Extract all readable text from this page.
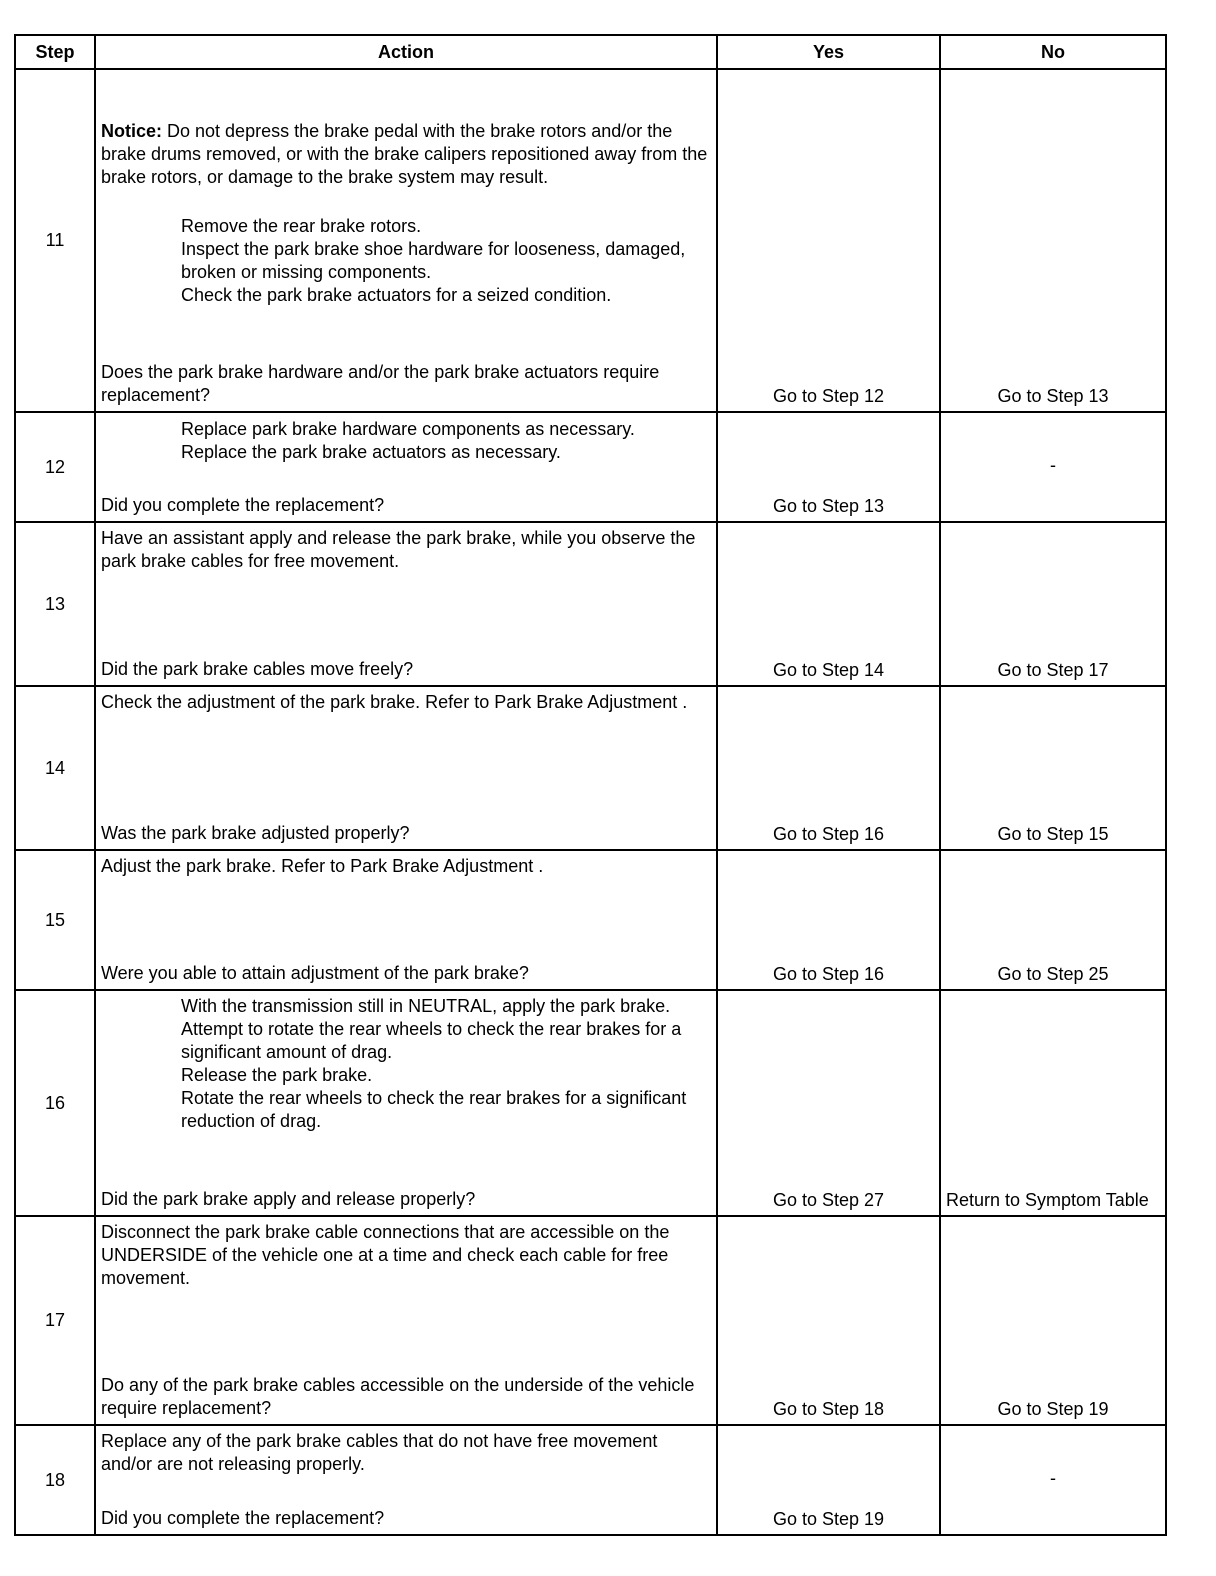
Step	Action	Yes	No
11	Notice: Do not depress the brake pedal with the brake rotors and/or the brake drums removed, or with the brake calipers repositioned away from the brake rotors, or damage to the brake system may result.
Remove the rear brake rotors.
Inspect the park brake shoe hardware for looseness, damaged, broken or missing components.
Check the park brake actuators for a seized condition.
Does the park brake hardware and/or the park brake actuators require replacement?	Go to Step 12	Go to Step 13
12	Replace park brake hardware components as necessary.
Replace the park brake actuators as necessary.
Did you complete the replacement?	Go to Step 13	-
13	Have an assistant apply and release the park brake, while you observe the park brake cables for free movement.
Did the park brake cables move freely?	Go to Step 14	Go to Step 17
14	Check the adjustment of the park brake. Refer to Park Brake Adjustment .
Was the park brake adjusted properly?	Go to Step 16	Go to Step 15
15	Adjust the park brake. Refer to Park Brake Adjustment .
Were you able to attain adjustment of the park brake?	Go to Step 16	Go to Step 25
16	With the transmission still in NEUTRAL, apply the park brake.
Attempt to rotate the rear wheels to check the rear brakes for a significant amount of drag.
Release the park brake.
Rotate the rear wheels to check the rear brakes for a significant reduction of drag.
Did the park brake apply and release properly?	Go to Step 27	Return to Symptom Table
17	Disconnect the park brake cable connections that are accessible on the UNDERSIDE of the vehicle one at a time and check each cable for free movement.
Do any of the park brake cables accessible on the underside of the vehicle require replacement?	Go to Step 18	Go to Step 19
18	Replace any of the park brake cables that do not have free movement and/or are not releasing properly.
Did you complete the replacement?	Go to Step 19	-
